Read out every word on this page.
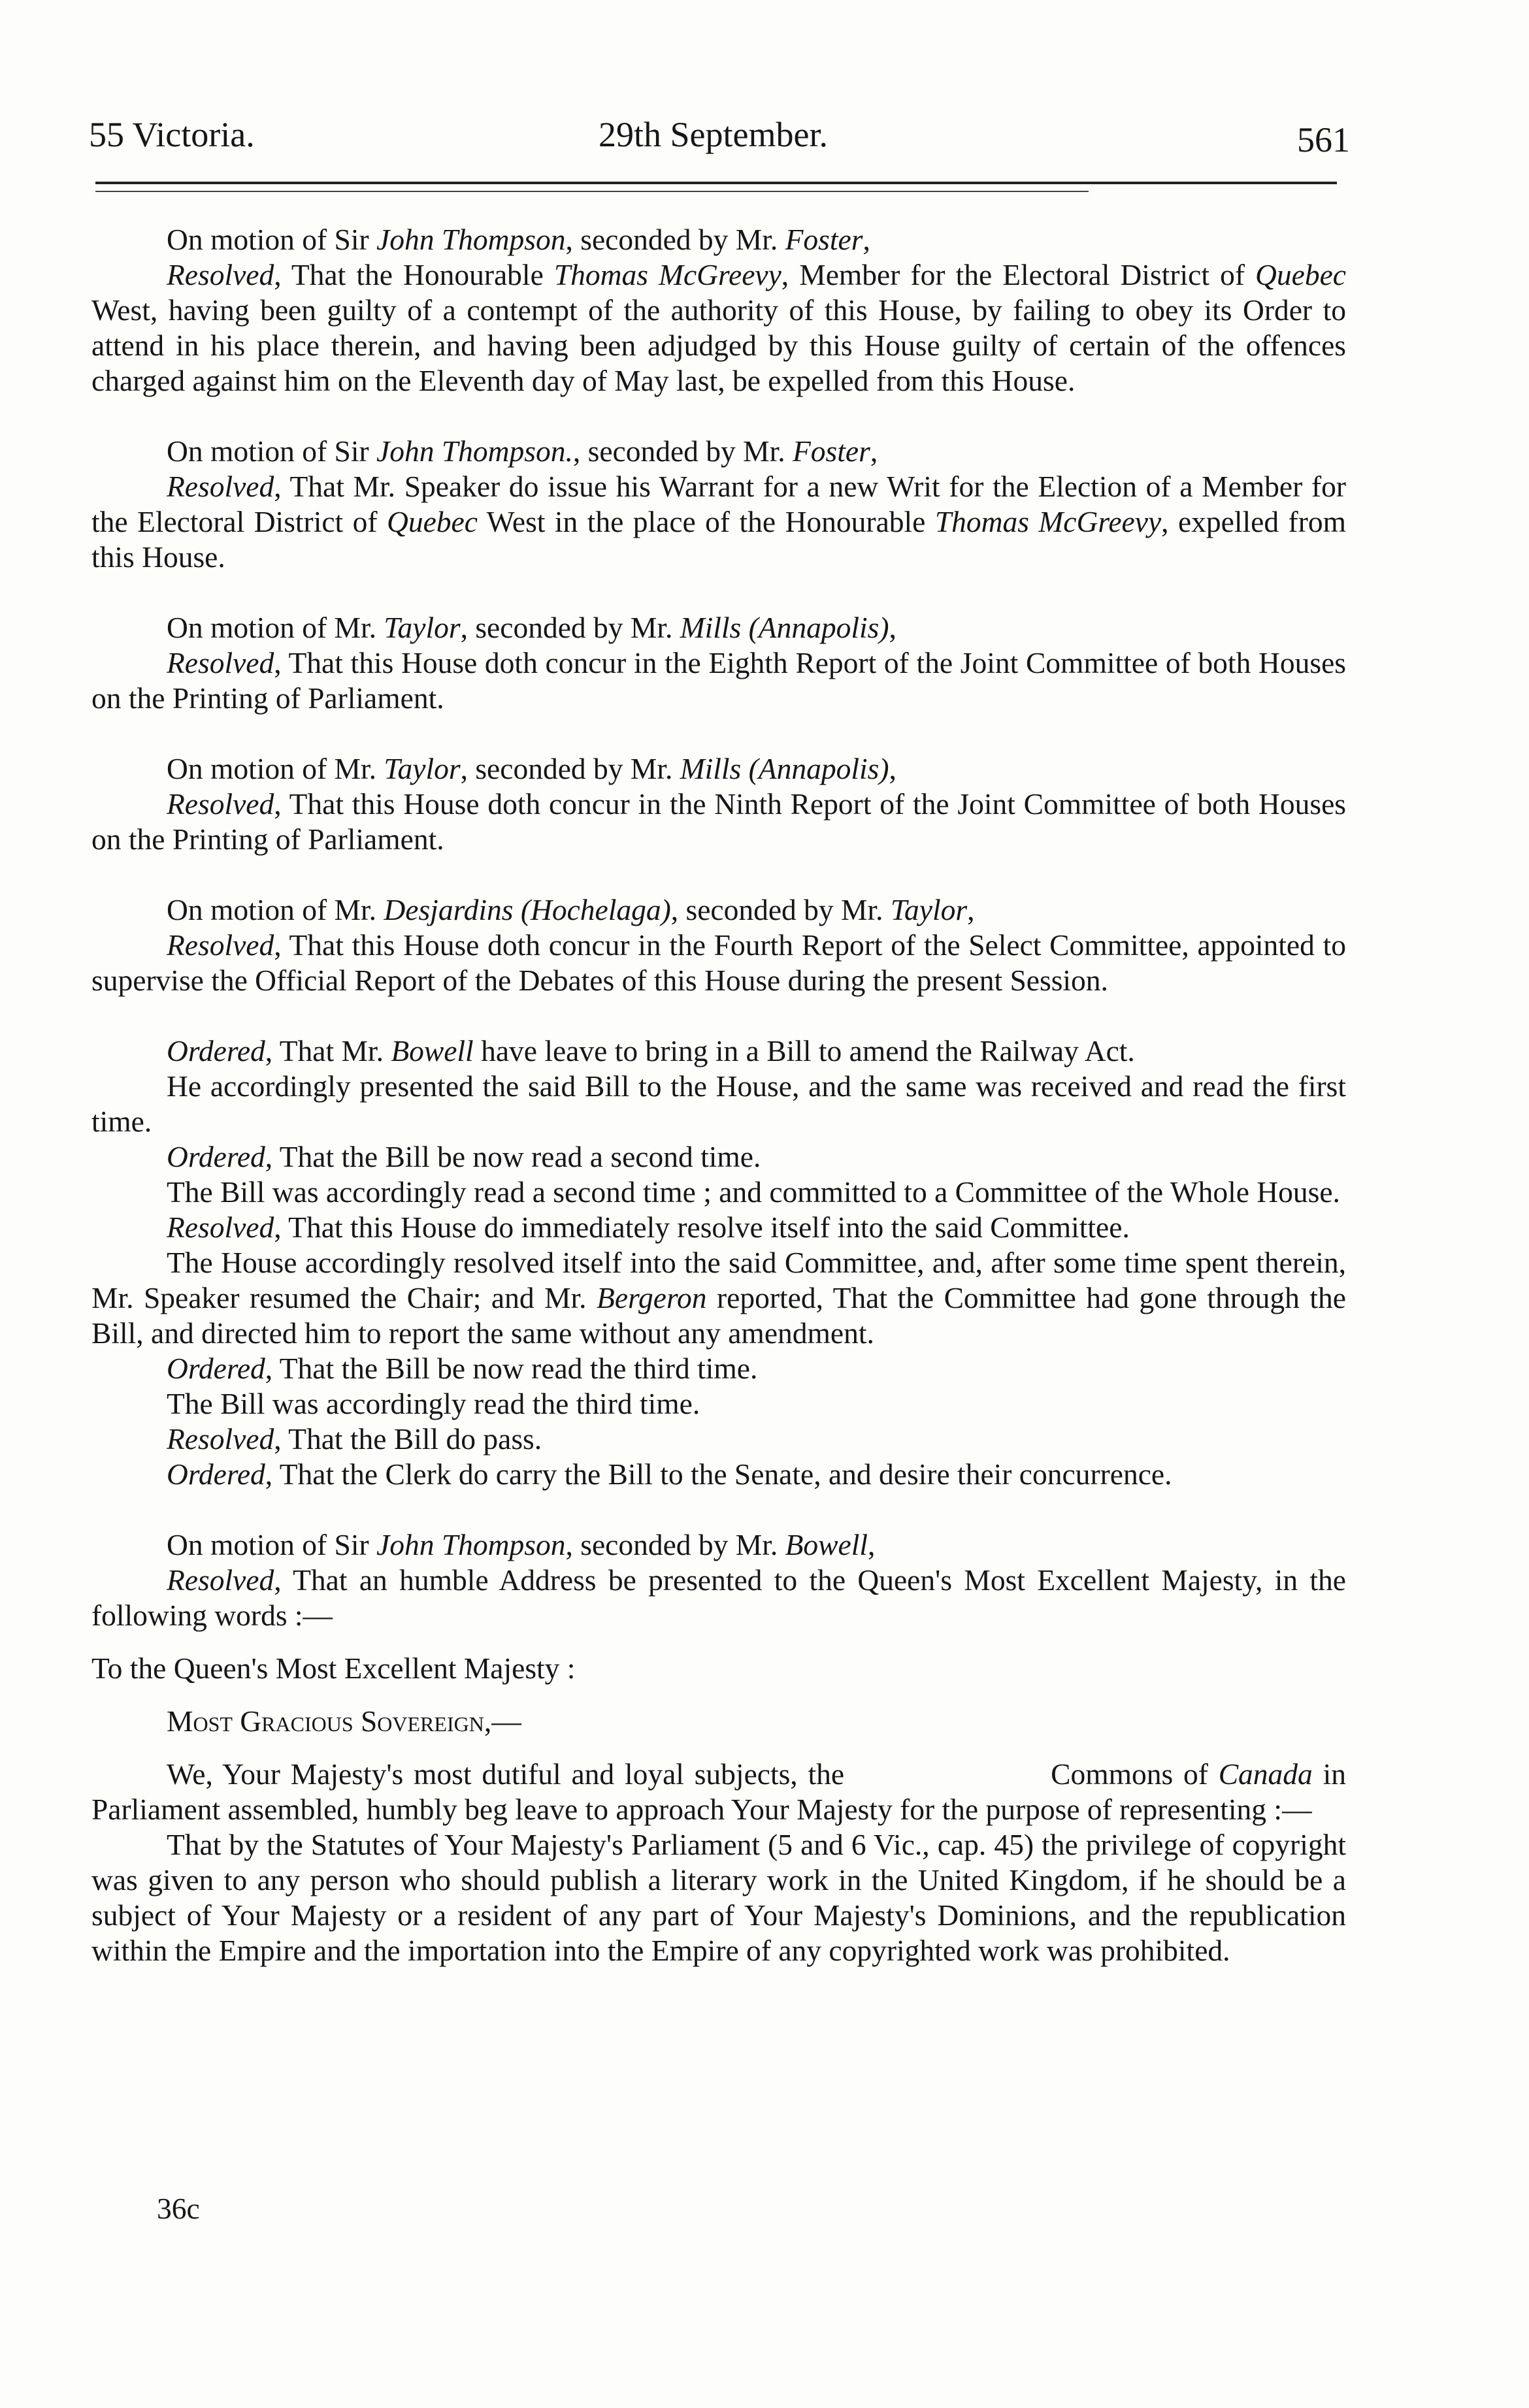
55 Victoria.	29th September.	561

On motion of Sir John Thompson, seconded by Mr. Foster,

Resolved, That the Honourable Thomas McGreevy, Member for the Electoral District of Quebec West, having been guilty of a contempt of the authority of this House, by failing to obey its Order to attend in his place therein, and having been adjudged by this House guilty of certain of the offences charged against him on the Eleventh day of May last, be expelled from this House.

On motion of Sir John Thompson., seconded by Mr. Foster,

Resolved, That Mr. Speaker do issue his Warrant for a new Writ for the Election of a Member for the Electoral District of Quebec West in the place of the Honourable Thomas McGreevy, expelled from this House.

On motion of Mr. Taylor, seconded by Mr. Mills (Annapolis),

Resolved, That this House doth concur in the Eighth Report of the Joint Committee of both Houses on the Printing of Parliament.

On motion of Mr. Taylor, seconded by Mr. Mills (Annapolis),

Resolved, That this House doth concur in the Ninth Report of the Joint Committee of both Houses on the Printing of Parliament.

On motion of Mr. Desjardins (Hochelaga), seconded by Mr. Taylor,

Resolved, That this House doth concur in the Fourth Report of the Select Committee, appointed to supervise the Official Report of the Debates of this House during the present Session.

Ordered, That Mr. Bowell have leave to bring in a Bill to amend the Railway Act.

He accordingly presented the said Bill to the House, and the same was received and read the first time.

Ordered, That the Bill be now read a second time.

The Bill was accordingly read a second time ; and committed to a Committee of the Whole House.

Resolved, That this House do immediately resolve itself into the said Committee.

The House accordingly resolved itself into the said Committee, and, after some time spent therein, Mr. Speaker resumed the Chair; and Mr. Bergeron reported, That the Committee had gone through the Bill, and directed him to report the same without any amendment.

Ordered, That the Bill be now read the third time.

The Bill was accordingly read the third time.

Resolved, That the Bill do pass.

Ordered, That the Clerk do carry the Bill to the Senate, and desire their concurrence.

On motion of Sir John Thompson, seconded by Mr. Bowell,

Resolved, That an humble Address be presented to the Queen's Most Excellent Majesty, in the following words :—

To the Queen's Most Excellent Majesty :

Most Gracious Sovereign,—

We, Your Majesty's most dutiful and loyal subjects, the                    Commons of Canada in Parliament assembled, humbly beg leave to approach Your Majesty for the purpose of representing :—

That by the Statutes of Your Majesty's Parliament (5 and 6 Vic., cap. 45) the privilege of copyright was given to any person who should publish a literary work in the United Kingdom, if he should be a subject of Your Majesty or a resident of any part of Your Majesty's Dominions, and the republication within the Empire and the importation into the Empire of any copyrighted work was prohibited.

36c
